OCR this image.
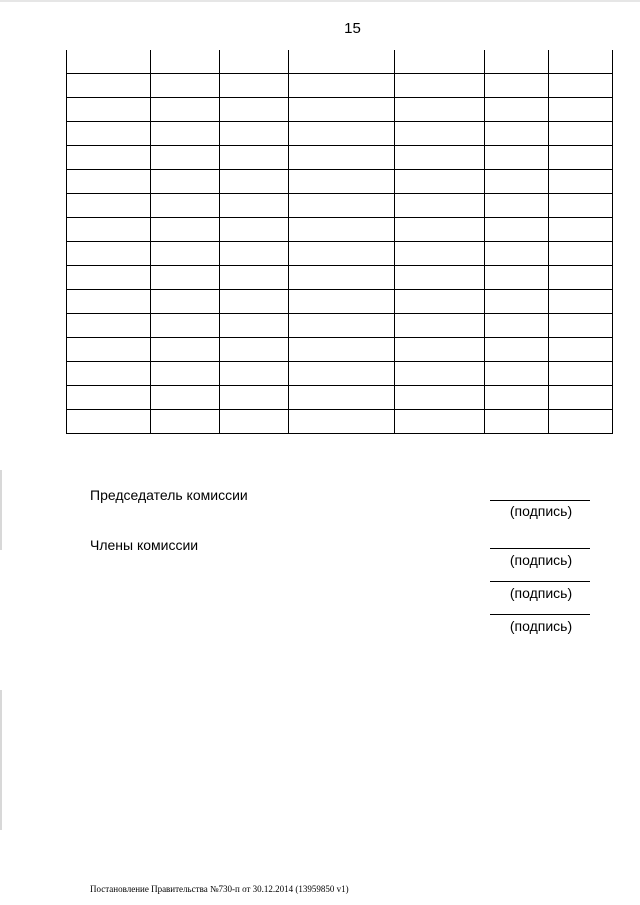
15

Председатель комиссии
(подпись)
Члены комиссии
(подпись)
(подпись)
(подпись)
Постановление Правительства №730-п от 30.12.2014 (13959850 v1)
